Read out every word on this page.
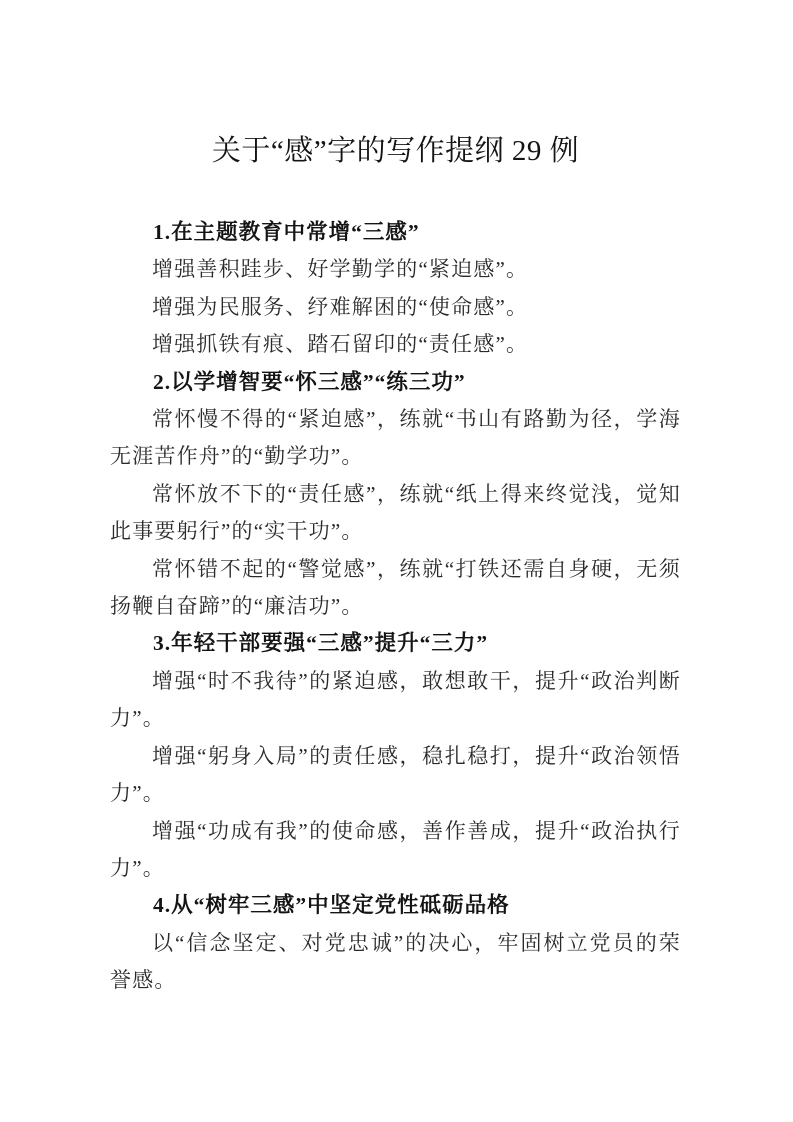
关于“感”字的写作提纲 29 例
1.在主题教育中常增“三感”

增强善积跬步、好学勤学的“紧迫感”。

增强为民服务、纾难解困的“使命感”。

增强抓铁有痕、踏石留印的“责任感”。

2.以学增智要“怀三感”“练三功”

常怀慢不得的“紧迫感”，练就“书山有路勤为径，学海无涯苦作舟”的“勤学功”。

常怀放不下的“责任感”，练就“纸上得来终觉浅，觉知此事要躬行”的“实干功”。

常怀错不起的“警觉感”，练就“打铁还需自身硬，无须扬鞭自奋蹄”的“廉洁功”。

3.年轻干部要强“三感”提升“三力”

增强“时不我待”的紧迫感，敢想敢干，提升“政治判断力”。

增强“躬身入局”的责任感，稳扎稳打，提升“政治领悟力”。

增强“功成有我”的使命感，善作善成，提升“政治执行力”。

4.从“树牢三感”中坚定党性砥砺品格

以“信念坚定、对党忠诚”的决心，牢固树立党员的荣誉感。
